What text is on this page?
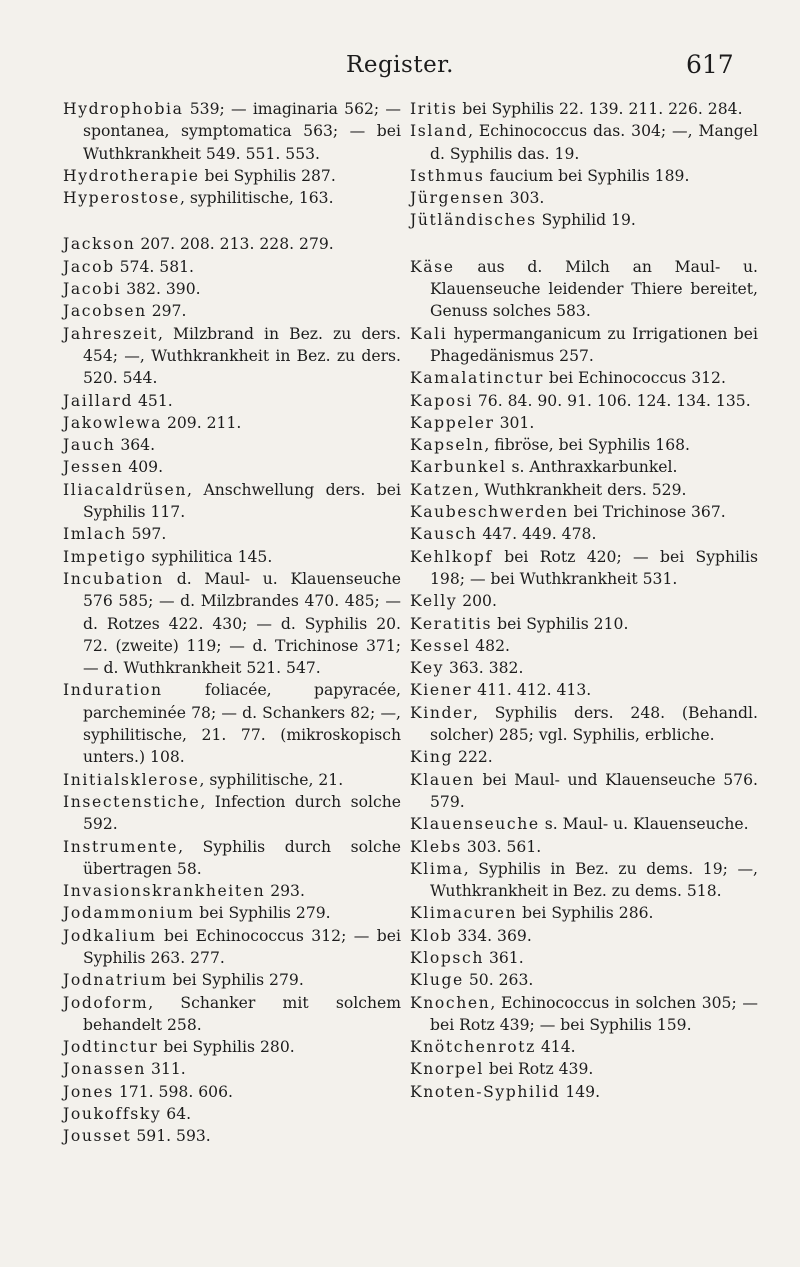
Register.	617
Hydrophobia 539; — imaginaria 562; — spontanea, symptomatica 563; — bei Wuthkrankheit 549. 551. 553.
Hydrotherapie bei Syphilis 287.
Hyperostose, syphilitische, 163.
Jackson 207. 208. 213. 228. 279.
Jacob 574. 581.
Jacobi 382. 390.
Jacobsen 297.
Jahreszeit, Milzbrand in Bez. zu ders. 454; —, Wuthkrankheit in Bez. zu ders. 520. 544.
Jaillard 451.
Jakowlewa 209. 211.
Jauch 364.
Jessen 409.
Iliacaldrüsen, Anschwellung ders. bei Syphilis 117.
Imlach 597.
Impetigo syphilitica 145.
Incubation d. Maul- u. Klauenseuche 576 585; — d. Milzbrandes 470. 485; — d. Rotzes 422. 430; — d. Syphilis 20. 72. (zweite) 119; — d. Trichinose 371; — d. Wuthkrankheit 521. 547.
Induration foliacée, papyracée, parcheminée 78; — d. Schankers 82; —, syphilitische, 21. 77. (mikroskopisch unters.) 108.
Initialsklerose, syphilitische, 21.
Insectenstiche, Infection durch solche 592.
Instrumente, Syphilis durch solche übertragen 58.
Invasionskrankheiten 293.
Jodammonium bei Syphilis 279.
Jodkalium bei Echinococcus 312; — bei Syphilis 263. 277.
Jodnatrium bei Syphilis 279.
Jodoform, Schanker mit solchem behandelt 258.
Jodtinctur bei Syphilis 280.
Jonassen 311.
Jones 171. 598. 606.
Joukoffsky 64.
Jousset 591. 593.
Iritis bei Syphilis 22. 139. 211. 226. 284.
Island, Echinococcus das. 304; —, Mangel d. Syphilis das. 19.
Isthmus faucium bei Syphilis 189.
Jürgensen 303.
Jütländisches Syphilid 19.
Käse aus d. Milch an Maul- u. Klauenseuche leidender Thiere bereitet, Genuss solches 583.
Kali hypermanganicum zu Irrigationen bei Phagedänismus 257.
Kamalatinctur bei Echinococcus 312.
Kaposi 76. 84. 90. 91. 106. 124. 134. 135.
Kappeler 301.
Kapseln, fibröse, bei Syphilis 168.
Karbunkel s. Anthraxkarbunkel.
Katzen, Wuthkrankheit ders. 529.
Kaubeschwerden bei Trichinose 367.
Kausch 447. 449. 478.
Kehlkopf bei Rotz 420; — bei Syphilis 198; — bei Wuthkrankheit 531.
Kelly 200.
Keratitis bei Syphilis 210.
Kessel 482.
Key 363. 382.
Kiener 411. 412. 413.
Kinder, Syphilis ders. 248. (Behandl. solcher) 285; vgl. Syphilis, erbliche.
King 222.
Klauen bei Maul- und Klauenseuche 576. 579.
Klauenseuche s. Maul- u. Klauenseuche.
Klebs 303. 561.
Klima, Syphilis in Bez. zu dems. 19; —, Wuthkrankheit in Bez. zu dems. 518.
Klimacuren bei Syphilis 286.
Klob 334. 369.
Klopsch 361.
Kluge 50. 263.
Knochen, Echinococcus in solchen 305; — bei Rotz 439; — bei Syphilis 159.
Knötchenrotz 414.
Knorpel bei Rotz 439.
Knoten-Syphilid 149.
